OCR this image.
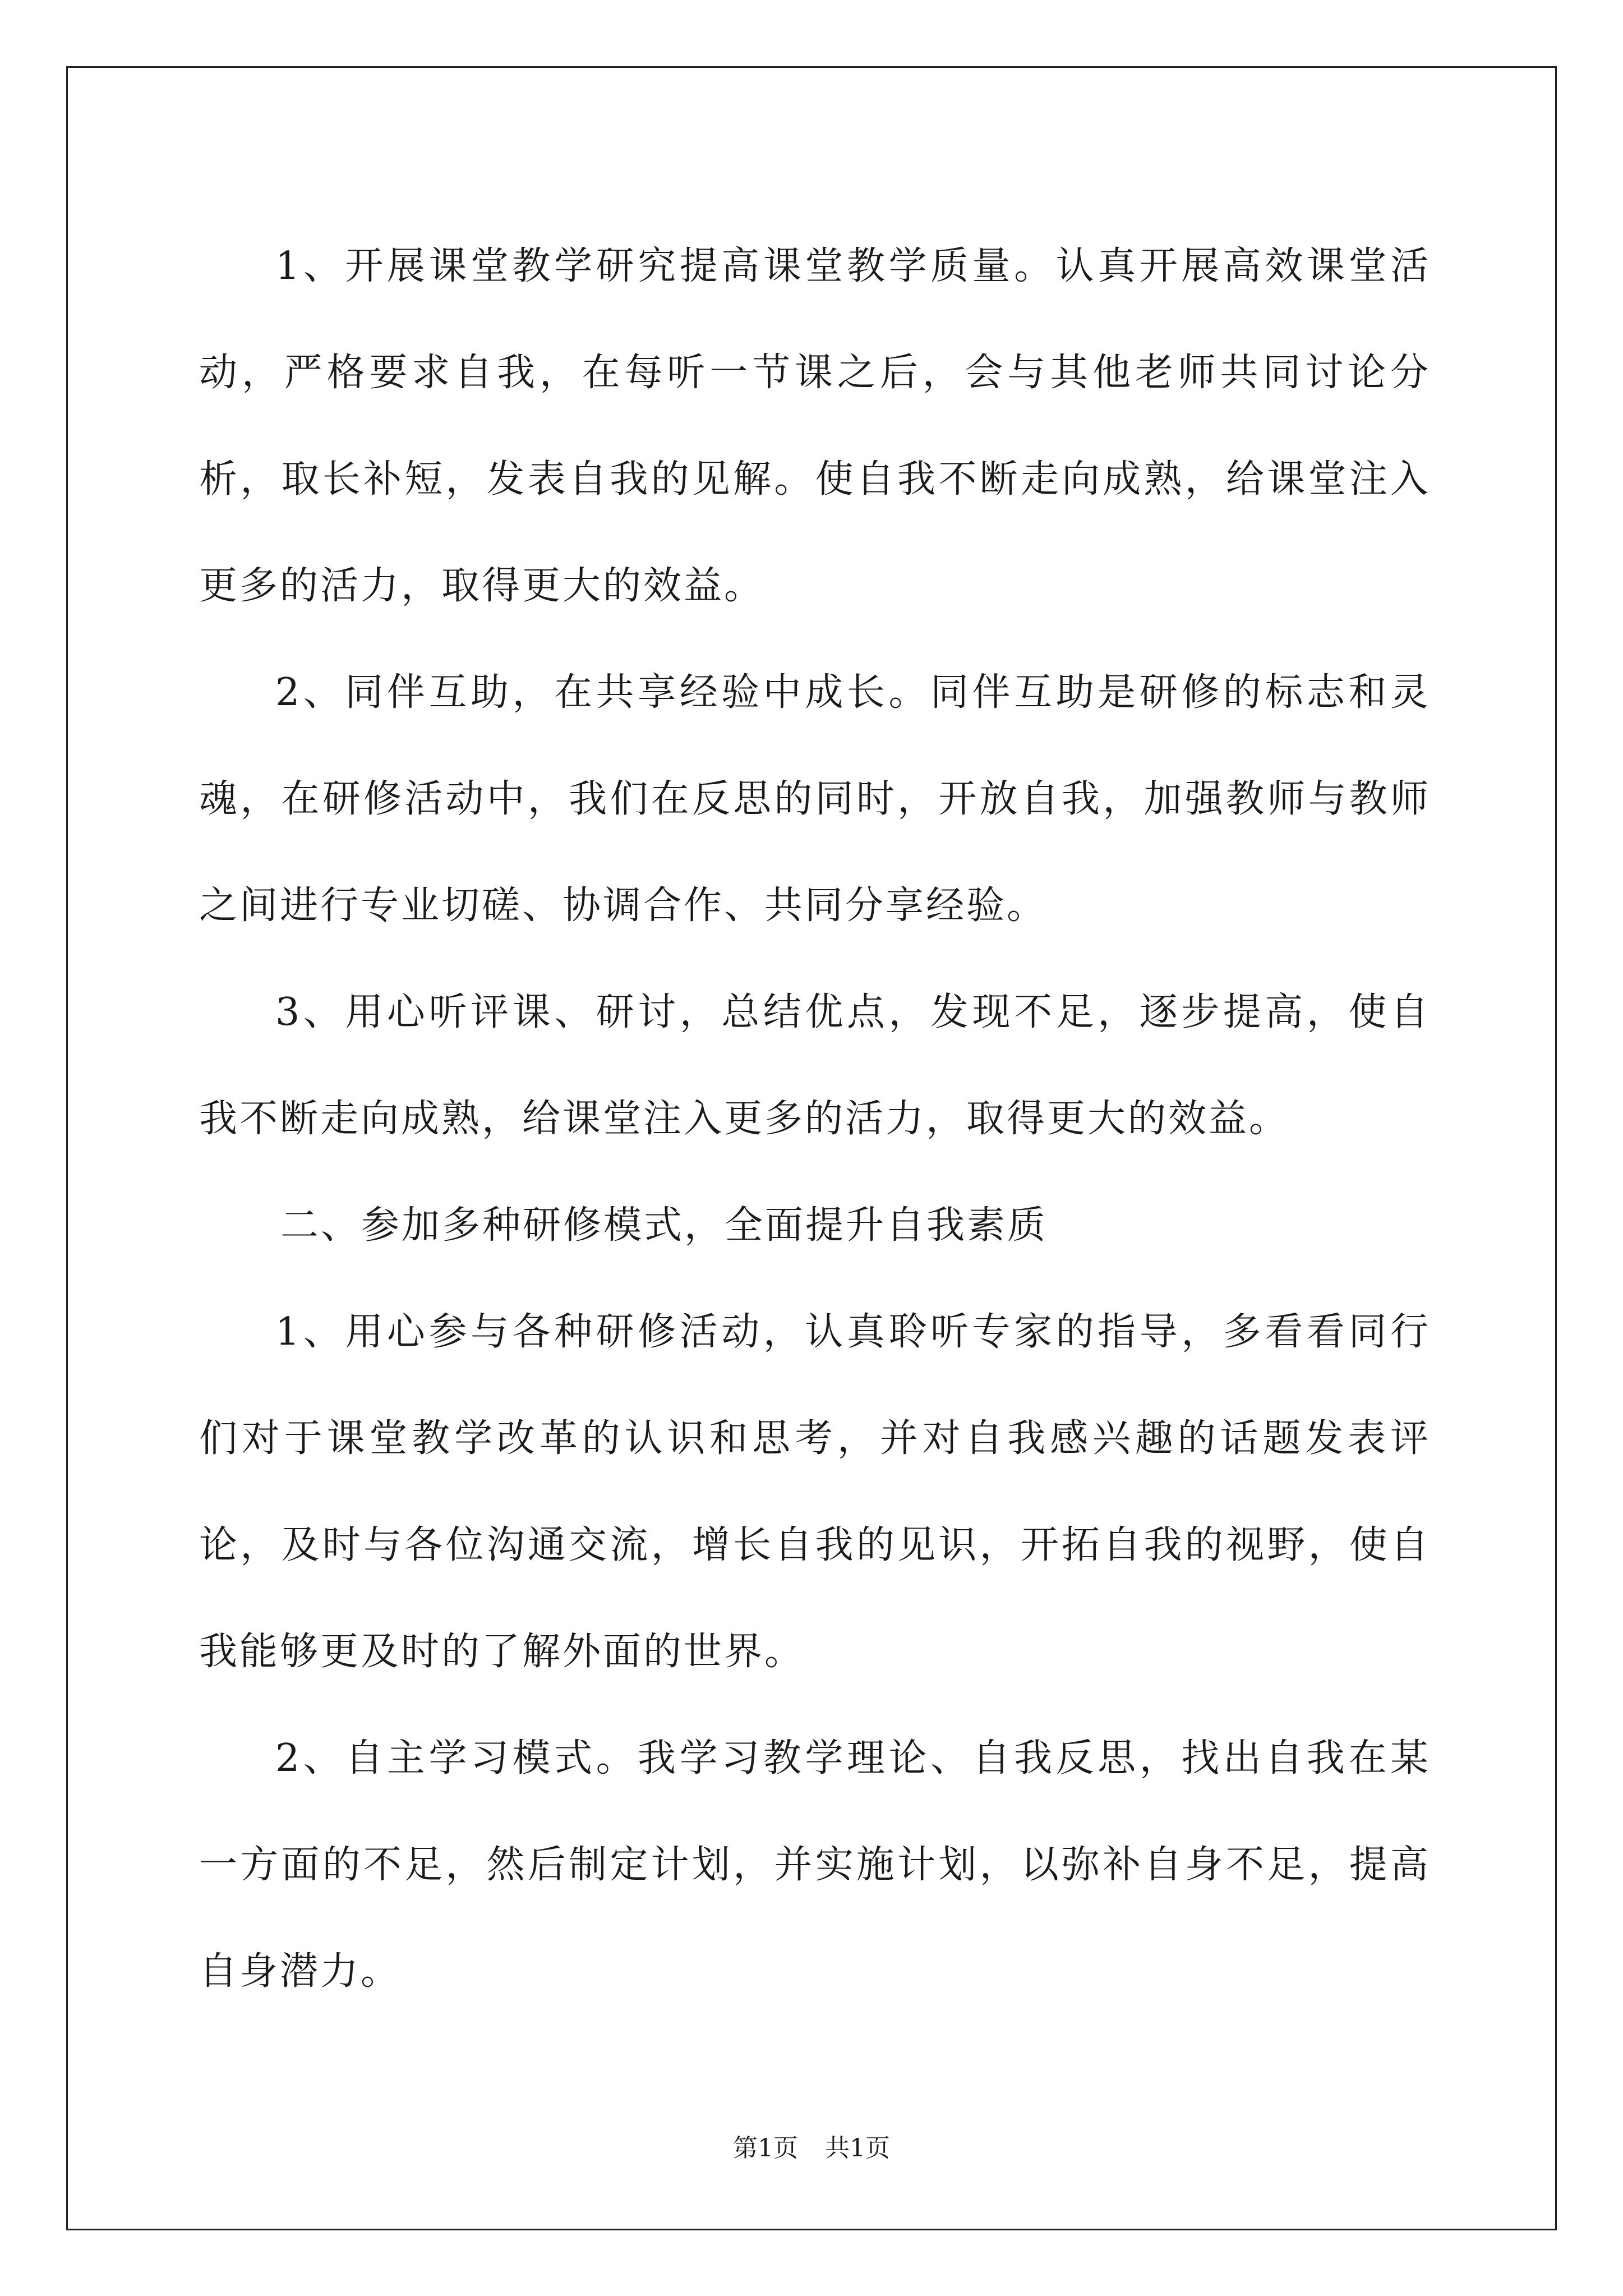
1、开展课堂教学研究提高课堂教学质量。认真开展高效课堂活动，严格要求自我，在每听一节课之后，会与其他老师共同讨论分析，取长补短，发表自我的见解。使自我不断走向成熟，给课堂注入更多的活力，取得更大的效益。

2、同伴互助，在共享经验中成长。同伴互助是研修的标志和灵魂，在研修活动中，我们在反思的同时，开放自我，加强教师与教师之间进行专业切磋、协调合作、共同分享经验。

3、用心听评课、研讨，总结优点，发现不足，逐步提高，使自我不断走向成熟，给课堂注入更多的活力，取得更大的效益。

二、参加多种研修模式，全面提升自我素质

1、用心参与各种研修活动，认真聆听专家的指导，多看看同行们对于课堂教学改革的认识和思考，并对自我感兴趣的话题发表评论，及时与各位沟通交流，增长自我的见识，开拓自我的视野，使自我能够更及时的了解外面的世界。

2、自主学习模式。我学习教学理论、自我反思，找出自我在某一方面的不足，然后制定计划，并实施计划，以弥补自身不足，提高自身潜力。

第1页 共1页
